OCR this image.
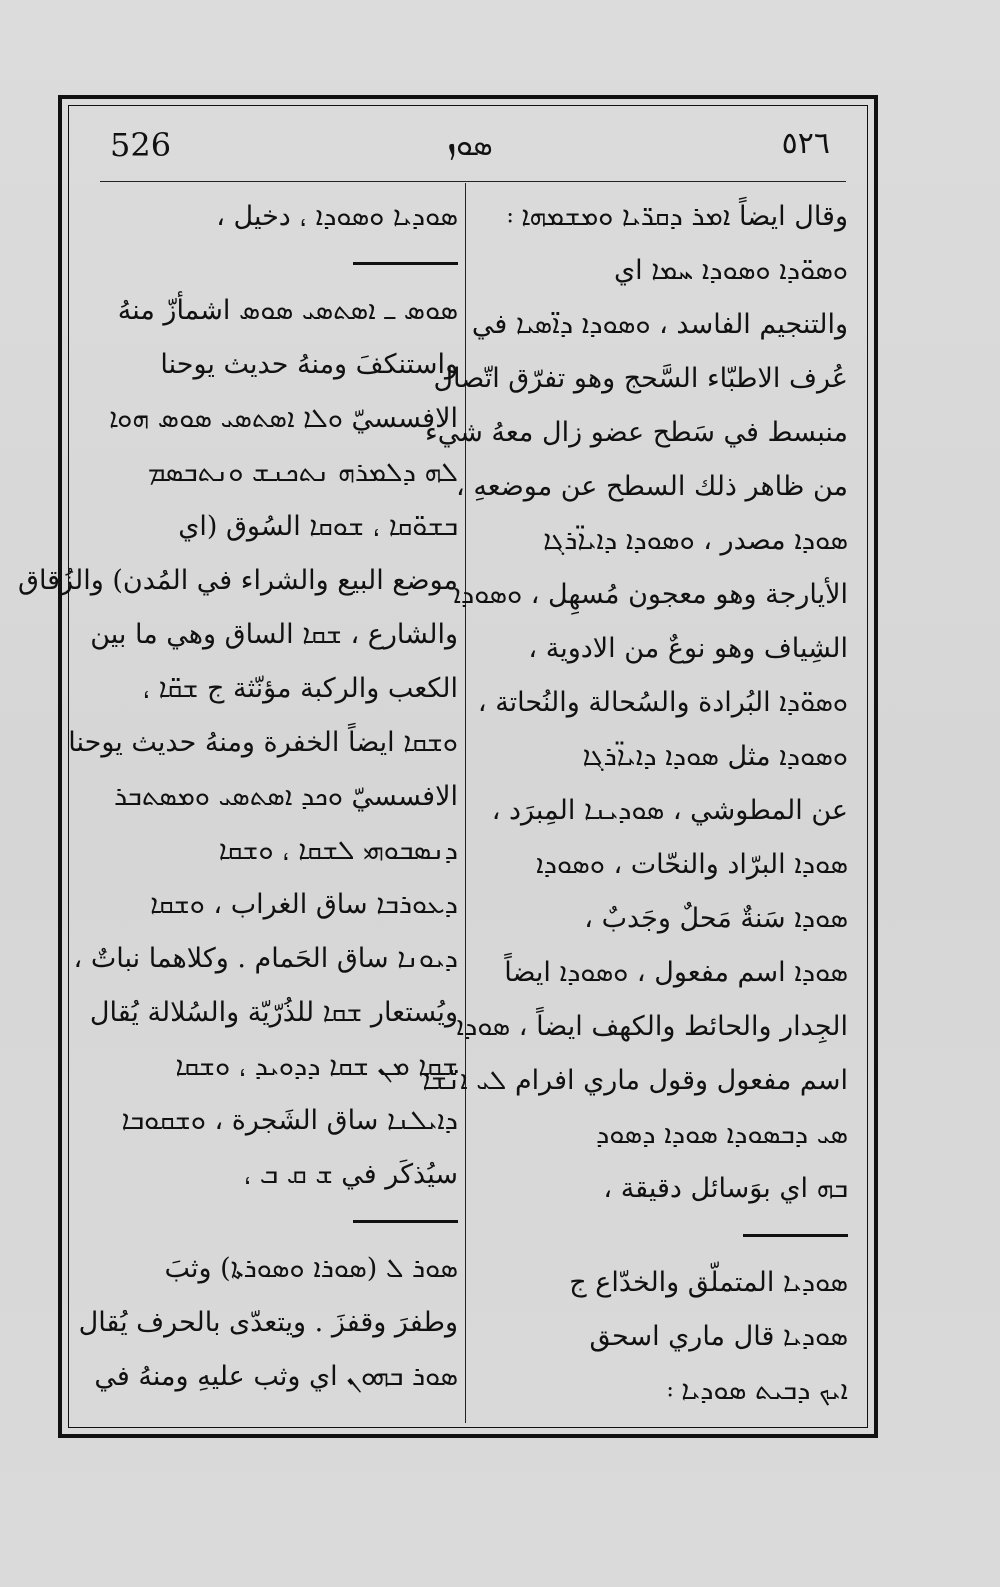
526	ܣܘܙ	٥٢٦
وقال ايضاً ܐܡܪ ܕܩܪ̈ܝܐ ܘܡܫܡܗܐ ܃
ܘܣܘ̈ܕܐ ܘܣܘܕܐ ܚܡܐ اي
والتنجيم الفاسد ، ܘܣܘܕܐ ܕܐ̈ܣܝܐ في
عُرف الاطبّاء السَّحج وهو تفرّق اتّصال
منبسط في سَطح عضو زال معهُ شيء
من ظاهر ذلك السطح عن موضعهِ ،
ܣܘܕܐ مصدر ، ܘܣܘܕܐ ܕܐܝܐ̈ܪܓܐ
الأيارجة وهو معجون مُسهِل ، ܘܣܘܕܐ
الشِياف وهو نوعٌ من الادوية ،
ܘܣܘ̈ܕܐ البُرادة والسُحالة والنُحاتة ،
ܘܣܘܕܐ مثل ܣܘܕܐ ܕܐܝܐ̈ܪܓܐ
عن المطوشي ، ܣܘܕܝܢܐ المِبرَد ،
ܣܘܕܐ البرّاد والنحّات ، ܘܣܘܕܐ
ܣܘܕܐ سَنةٌ مَحلٌ وجَدبٌ ،
ܣܘܕܐ اسم مفعول ، ܘܣܘܕܐ ايضاً
الجِدار والحائط والكهف ايضاً ، ܣܘܕܐ
اسم مفعول وقول ماري افرام ܠܝ ܐܢ̈ܫܐ
ܣܝ ܕܒܣܘܕܐ ܣܘܕܐ ܕܣܘܕ
ܒܗ اي بوَسائل دقيقة ،
ܣܘܕܝܐ المتملّق والخدّاع ج
ܣܘܕܝܐ قال ماري اسحق
ܐܝܟ ܕܒܝܬ ܣܘܕܝܐ ܃
ܣܘܕܝܐ ܘܣܘܕܐ ، دخيل ،
ܣܘܣ ـ ܐܣܬܣܝ ܣܘܣ اشمأزّ منهُ
واستنكفَ ومنهُ حديث يوحنا
الافسسيّ ܘܠܐ ܐܣܬܣܝ ܣܘܣ ܗܘܐ
ܠܗ ܕܠܡܪܗ ܢܬܟܢܫ ܘܢܬܒܣܡ
ܒܫܘ̈ܩܐ ، ܫܘܩܐ السُوق (اي
موضع البيع والشراء في المُدن) والزُقاق
والشارع ، ܫܩܐ الساق وهي ما بين
الكعب والركبة مؤنّثة ج ܫܩ̈ܐ ،
ܘܫܩܐ ايضاً الخفرة ومنهُ حديث يوحنا
الافسسيّ ܘܟܕ ܐܣܬܣܝ ܘܡܣܬܒܪ
ܕܢܣܒܘܗܝ ܠܫܩܐ ، ܘܫܩܐ
ܕܥܘܪܒܐ ساق الغراب ، ܘܫܩܐ
ܕܝܘܢܐ ساق الحَمام . وكلاهما نباتٌ ،
ويُستعار ܫܩܐ للذُرّيّة والسُلالة يُقال
ܫܩܐ ܡܢ ܫܩܐ ܕܕܘܝܕ ، ܘܫܩܐ
ܕܐܝܠܢܐ ساق الشَجرة ، ܘܫܩܘܒܐ
سيُذكَر في ܫ ܩ ܒ ،
ܣܘܪ ܠ (ܣܘܪܐ ܘܣܘܪܬܐ) وثبَ
وطفرَ وقفزَ . ويتعدّى بالحرف يُقال
ܣܘܪ ܒܗܘܢ اي وثب عليهِ ومنهُ في
